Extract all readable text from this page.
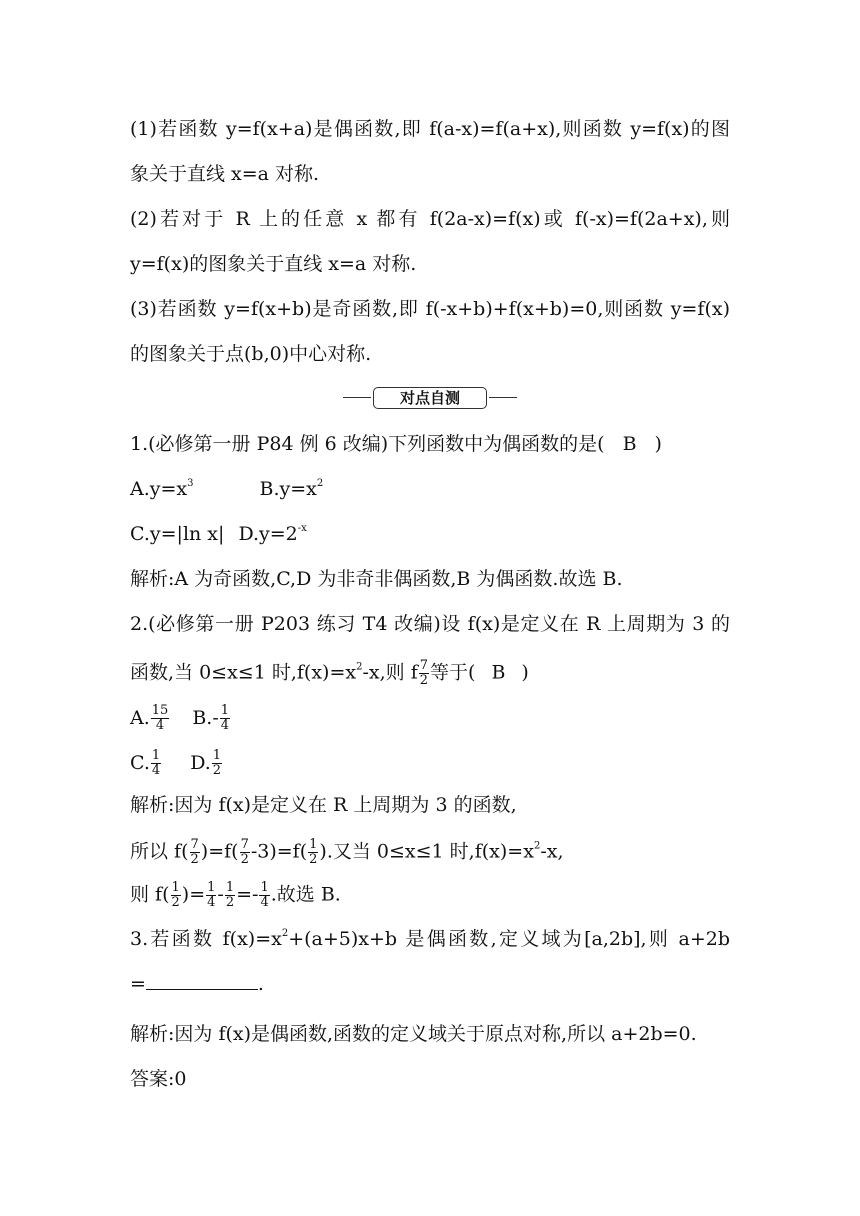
(1)若函数 y=f(x+a)是偶函数,即 f(a-x)=f(a+x),则函数 y=f(x)的图
象关于直线 x=a 对称.
(2)若对于 R 上的任意 x 都有 f(2a-x)=f(x)或 f(-x)=f(2a+x),则
y=f(x)的图象关于直线 x=a 对称.
(3)若函数 y=f(x+b)是奇函数,即 f(-x+b)+f(x+b)=0,则函数 y=f(x)
的图象关于点(b,0)中心对称.
对点自测
1.(必修第一册 P84 例 6 改编)下列函数中为偶函数的是( B )
$A.y=x^3$	$B.y=x^2$
C.y=|ln x| $D.y=2^{-x}$
解析:A 为奇函数,C,D 为非奇非偶函数,B 为偶函数.故选 B.
2.(必修第一册 P203 练习 T4 改编)设 f(x)是定义在 R 上周期为 3 的
函数,当 0≤x≤1 时$,f(x)=x^2-x$,则 f $\frac{7}{2}$ 等于( B )
A. $\frac{15}{4} B.- \frac{1}{4}$
C. $\frac{1}{4} D$. $\frac{1}{2}$
解析:因为 f(x)是定义在 R 上周期为 3 的函数,
所以 $f( \frac{7}{2} )=f( \frac{7}{2} -3)=f( \frac{1}{2}$ ).又当 0≤x≤1 时$,f(x)=x^2-x$,
则 $f( \frac{1}{2}$ )= $\frac{1}{4} - \frac{1}{2} =- \frac{1}{4}$ .故选 B.
3.若函数 $f(x)=x^2+(a+5)x+b$ 是偶函数,定义域为[a,2b],则 a+2b
=	.
解析:因为 f(x)是偶函数,函数的定义域关于原点对称,所以 a+2b=0.
答案:0
